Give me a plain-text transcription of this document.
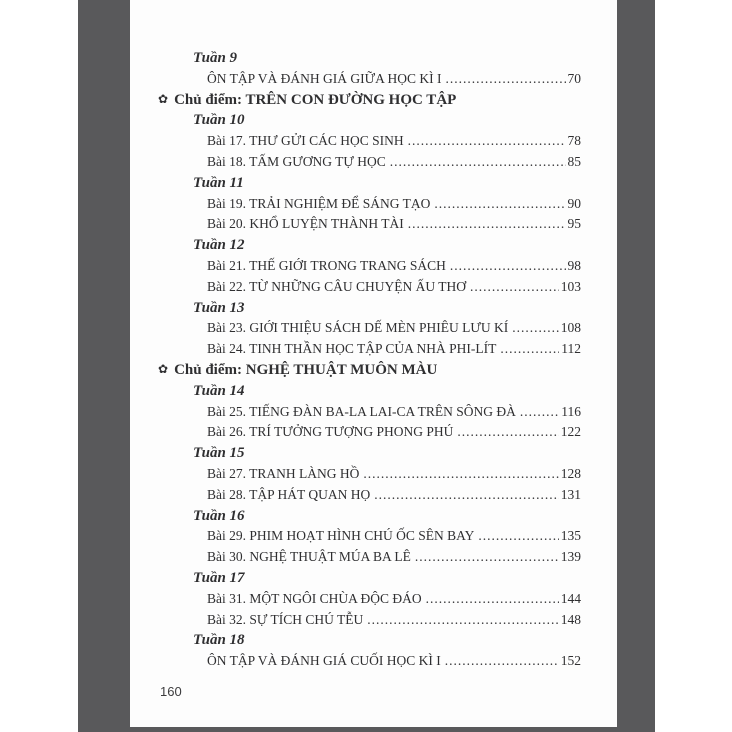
Tuần 9
ÔN TẬP VÀ ĐÁNH GIÁ GIỮA HỌC KÌ I .....	70
✿ Chủ điểm: TRÊN CON ĐƯỜNG HỌC TẬP
Tuần 10
Bài 17. THƯ GỬI CÁC HỌC SINH .....	78
Bài 18. TẤM GƯƠNG TỰ HỌC .....	85
Tuần 11
Bài 19. TRẢI NGHIỆM ĐỂ SÁNG TẠO .....	90
Bài 20. KHỔ LUYỆN THÀNH TÀI .....	95
Tuần 12
Bài 21. THẾ GIỚI TRONG TRANG SÁCH .....	98
Bài 22. TỪ NHỮNG CÂU CHUYỆN ẤU THƠ .....	103
Tuần 13
Bài 23. GIỚI THIỆU SÁCH DẾ MÈN PHIÊU LƯU KÍ .....	108
Bài 24. TINH THẦN HỌC TẬP CỦA NHÀ PHI-LÍT .....	112
✿ Chủ điểm: NGHỆ THUẬT MUÔN MÀU
Tuần 14
Bài 25. TIẾNG ĐÀN BA-LA LAI-CA TRÊN SÔNG ĐÀ .....	116
Bài 26. TRÍ TƯỞNG TƯỢNG PHONG PHÚ .....	122
Tuần 15
Bài 27. TRANH LÀNG HỒ .....	128
Bài 28. TẬP HÁT QUAN HỌ .....	131
Tuần 16
Bài 29. PHIM HOẠT HÌNH CHÚ ỐC SÊN BAY .....	135
Bài 30. NGHỆ THUẬT MÚA BA LÊ .....	139
Tuần 17
Bài 31. MỘT NGÔI CHÙA ĐỘC ĐÁO .....	144
Bài 32. SỰ TÍCH CHÚ TỄU .....	148
Tuần 18
ÔN TẬP VÀ ĐÁNH GIÁ CUỐI HỌC KÌ I .....	152
160
